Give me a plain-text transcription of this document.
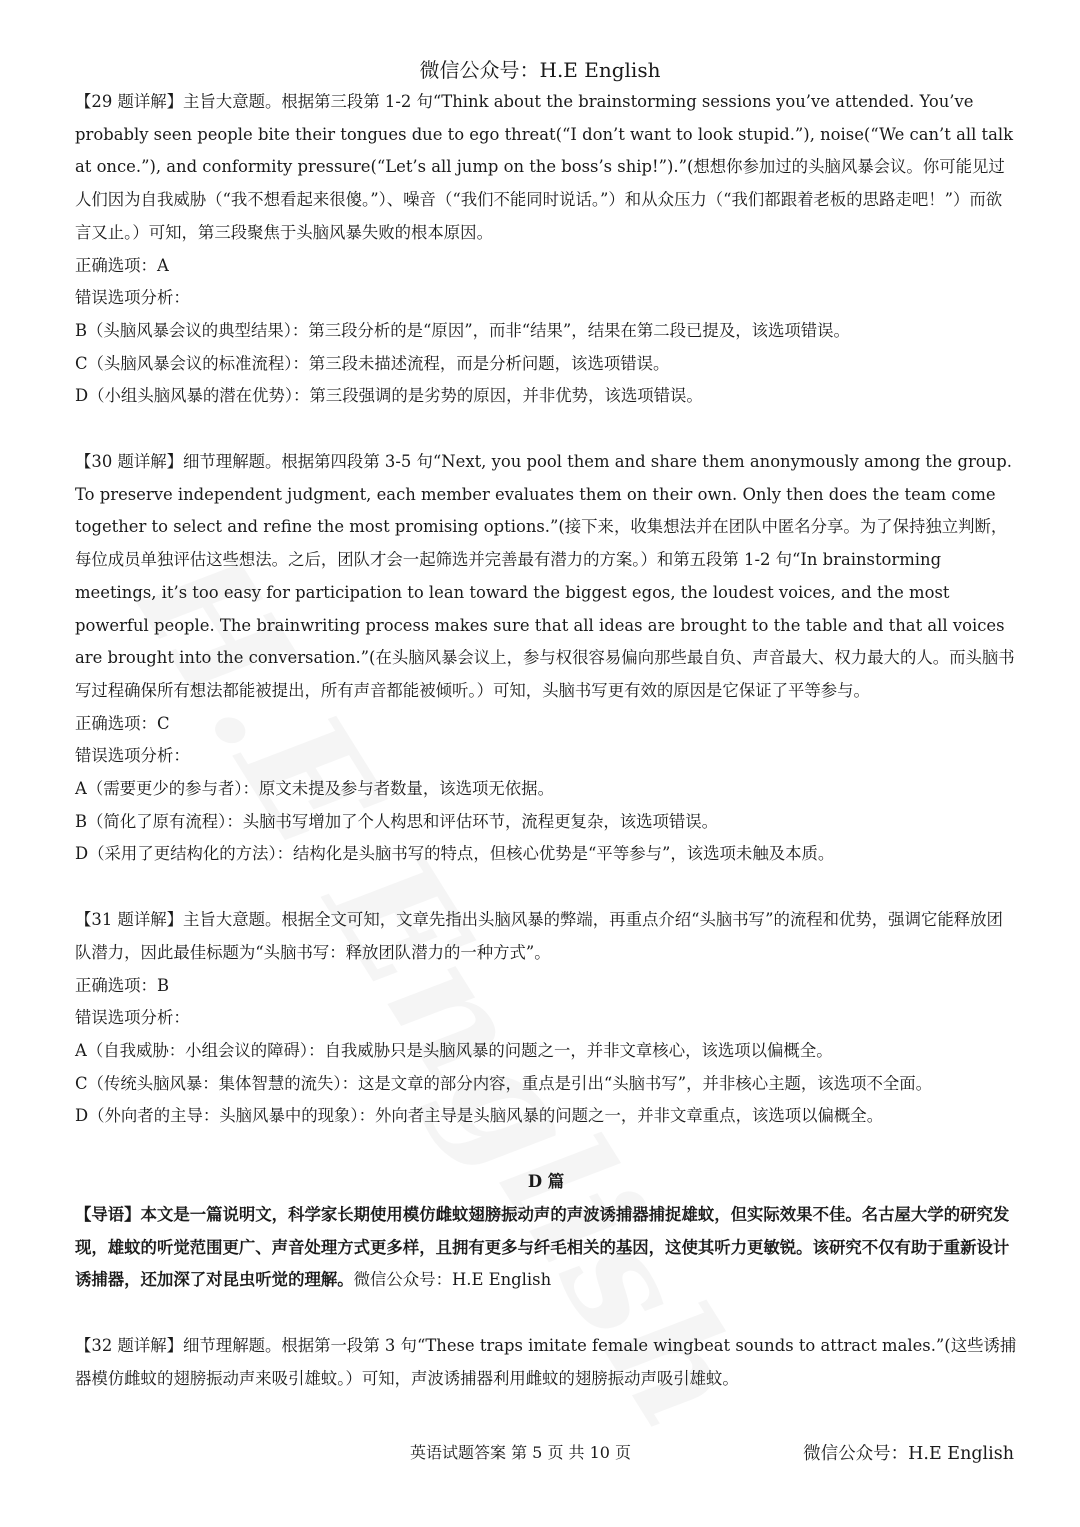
微信公众号：H.E English

【29 题详解】主旨大意题。根据第三段第 1-2 句“Think about the brainstorming sessions you’ve attended. You’ve probably seen people bite their tongues due to ego threat(“I don’t want to look stupid.”), noise(“We can’t all talk at once.”), and conformity pressure(“Let’s all jump on the boss’s ship!”).”(想想你参加过的头脑风暴会议。你可能见过人们因为自我威胁（“我不想看起来很傻。”）、噪音（“我们不能同时说话。”）和从众压力（“我们都跟着老板的思路走吧！”）而欲言又止。）可知，第三段聚焦于头脑风暴失败的根本原因。

正确选项：A

错误选项分析：

B（头脑风暴会议的典型结果）：第三段分析的是“原因”，而非“结果”，结果在第二段已提及，该选项错误。

C（头脑风暴会议的标准流程）：第三段未描述流程，而是分析问题，该选项错误。

D（小组头脑风暴的潜在优势）：第三段强调的是劣势的原因，并非优势，该选项错误。

【30 题详解】细节理解题。根据第四段第 3-5 句“Next, you pool them and share them anonymously among the group. To preserve independent judgment, each member evaluates them on their own. Only then does the team come together to select and refine the most promising options.”(接下来，收集想法并在团队中匿名分享。为了保持独立判断，每位成员单独评估这些想法。之后，团队才会一起筛选并完善最有潜力的方案。）和第五段第 1-2 句“In brainstorming meetings, it’s too easy for participation to lean toward the biggest egos, the loudest voices, and the most powerful people. The brainwriting process makes sure that all ideas are brought to the table and that all voices are brought into the conversation.”(在头脑风暴会议上，参与权很容易偏向那些最自负、声音最大、权力最大的人。而头脑书写过程确保所有想法都能被提出，所有声音都能被倾听。）可知，头脑书写更有效的原因是它保证了平等参与。

正确选项：C

错误选项分析：

A（需要更少的参与者）：原文未提及参与者数量，该选项无依据。

B（简化了原有流程）：头脑书写增加了个人构思和评估环节，流程更复杂，该选项错误。

D（采用了更结构化的方法）：结构化是头脑书写的特点，但核心优势是“平等参与”，该选项未触及本质。

【31 题详解】主旨大意题。根据全文可知，文章先指出头脑风暴的弊端，再重点介绍“头脑书写”的流程和优势，强调它能释放团队潜力，因此最佳标题为“头脑书写：释放团队潜力的一种方式”。

正确选项：B

错误选项分析：

A（自我威胁：小组会议的障碍）：自我威胁只是头脑风暴的问题之一，并非文章核心，该选项以偏概全。

C（传统头脑风暴：集体智慧的流失）：这是文章的部分内容，重点是引出“头脑书写”，并非核心主题，该选项不全面。

D（外向者的主导：头脑风暴中的现象）：外向者主导是头脑风暴的问题之一，并非文章重点，该选项以偏概全。

D 篇

【导语】本文是一篇说明文，科学家长期使用模仿雌蚊翅膀振动声的声波诱捕器捕捉雄蚊，但实际效果不佳。名古屋大学的研究发现，雄蚊的听觉范围更广、声音处理方式更多样，且拥有更多与纤毛相关的基因，这使其听力更敏锐。该研究不仅有助于重新设计诱捕器，还加深了对昆虫听觉的理解。微信公众号：H.E English

【32 题详解】细节理解题。根据第一段第 3 句“These traps imitate female wingbeat sounds to attract males.”(这些诱捕器模仿雌蚊的翅膀振动声来吸引雄蚊。）可知，声波诱捕器利用雌蚊的翅膀振动声吸引雄蚊。

英语试题答案 第 5 页 共 10 页	微信公众号：H.E English
